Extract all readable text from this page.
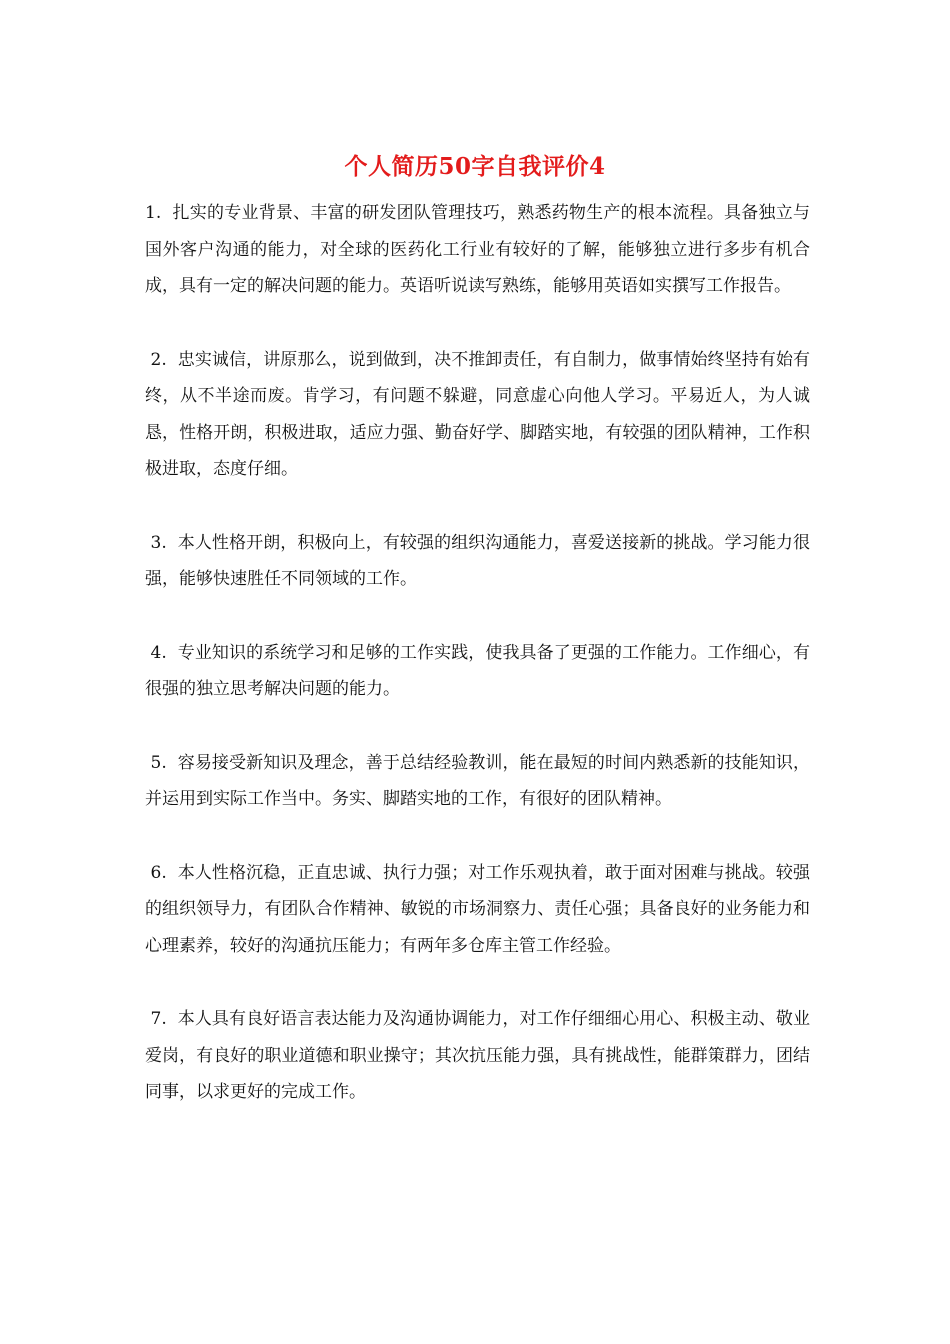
个人简历50字自我评价4

1. 扎实的专业背景、丰富的研发团队管理技巧，熟悉药物生产的根本流程。具备独立与国外客户沟通的能力，对全球的医药化工行业有较好的了解，能够独立进行多步有机合成，具有一定的解决问题的能力。英语听说读写熟练，能够用英语如实撰写工作报告。

2. 忠实诚信，讲原那么，说到做到，决不推卸责任，有自制力，做事情始终坚持有始有终，从不半途而废。肯学习，有问题不躲避，同意虚心向他人学习。平易近人，为人诚恳，性格开朗，积极进取，适应力强、勤奋好学、脚踏实地，有较强的团队精神，工作积极进取，态度仔细。

3. 本人性格开朗，积极向上，有较强的组织沟通能力，喜爱送接新的挑战。学习能力很强，能够快速胜任不同领域的工作。

4. 专业知识的系统学习和足够的工作实践，使我具备了更强的工作能力。工作细心，有很强的独立思考解决问题的能力。

5. 容易接受新知识及理念，善于总结经验教训，能在最短的时间内熟悉新的技能知识，并运用到实际工作当中。务实、脚踏实地的工作，有很好的团队精神。

6. 本人性格沉稳，正直忠诚、执行力强；对工作乐观执着，敢于面对困难与挑战。较强的组织领导力，有团队合作精神、敏锐的市场洞察力、责任心强；具备良好的业务能力和心理素养，较好的沟通抗压能力；有两年多仓库主管工作经验。

7. 本人具有良好语言表达能力及沟通协调能力，对工作仔细细心用心、积极主动、敬业爱岗，有良好的职业道德和职业操守；其次抗压能力强，具有挑战性，能群策群力，团结同事，以求更好的完成工作。
